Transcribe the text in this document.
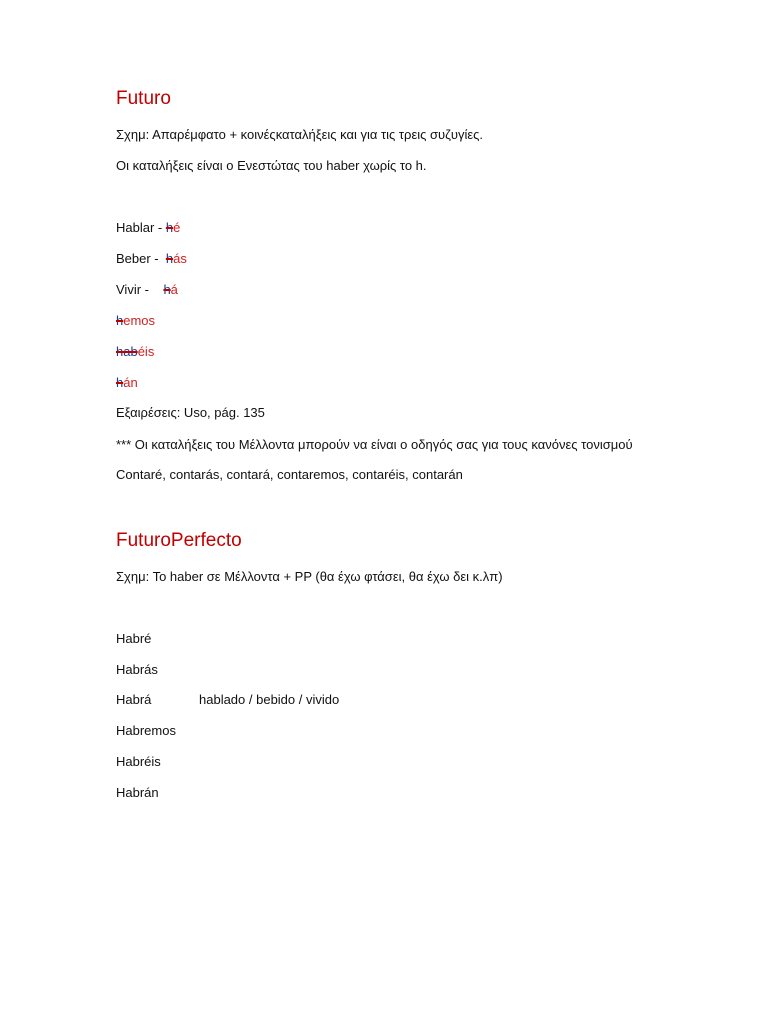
Futuro
Σχημ: Απαρέμφατο + κοινέςκαταλήξεις και για τις τρεις συζυγίες.
Οι καταλήξεις είναι ο Ενεστώτας του haber χωρίς το h.
Hablar - hé
Beber -  hás
Vivir -    há
hemos
habéis
hán
Εξαιρέσεις: Uso, pág. 135
*** Οι καταλήξεις του Μέλλοντα μπορούν να είναι ο οδηγός σας για τους κανόνες τονισμού
Contaré, contarás, contará, contaremos, contaréis, contarán
FuturoPerfecto
Σχημ: Το haber σε Μέλλοντα + PP (θα έχω φτάσει, θα έχω δει κ.λπ)
Habré
Habrás
Habrá	hablado / bebido / vivido
Habremos
Habréis
Habrán
